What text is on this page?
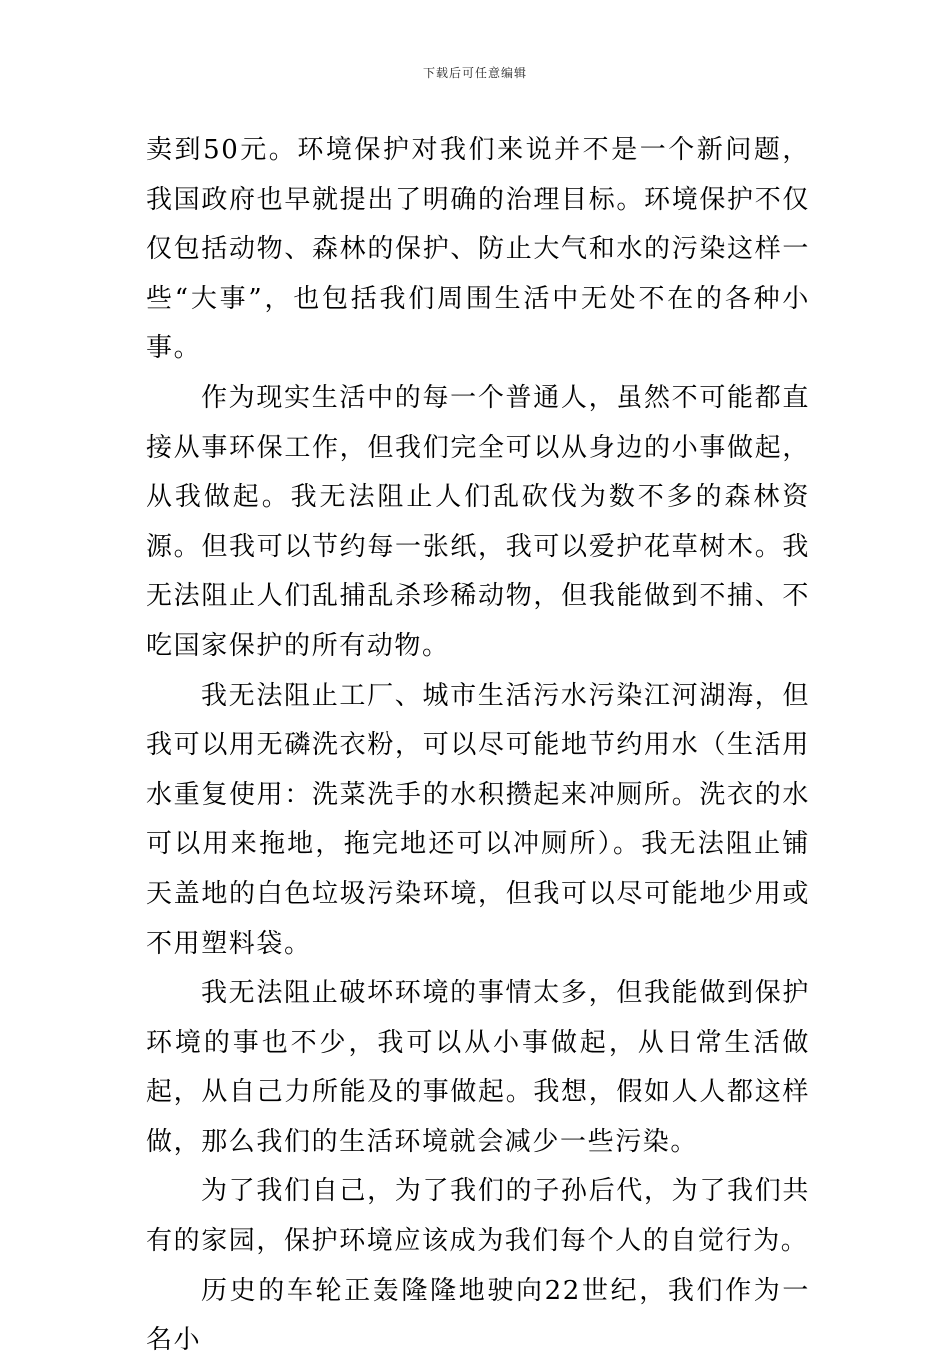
下载后可任意编辑

卖到50元。环境保护对我们来说并不是一个新问题，我国政府也早就提出了明确的治理目标。环境保护不仅仅包括动物、森林的保护、防止大气和水的污染这样一些“大事”，也包括我们周围生活中无处不在的各种小事。

作为现实生活中的每一个普通人，虽然不可能都直接从事环保工作，但我们完全可以从身边的小事做起，从我做起。我无法阻止人们乱砍伐为数不多的森林资源。但我可以节约每一张纸，我可以爱护花草树木。我无法阻止人们乱捕乱杀珍稀动物，但我能做到不捕、不吃国家保护的所有动物。

我无法阻止工厂、城市生活污水污染江河湖海，但我可以用无磷洗衣粉，可以尽可能地节约用水（生活用水重复使用：洗菜洗手的水积攒起来冲厕所。洗衣的水可以用来拖地，拖完地还可以冲厕所）。我无法阻止铺天盖地的白色垃圾污染环境，但我可以尽可能地少用或不用塑料袋。

我无法阻止破坏环境的事情太多，但我能做到保护环境的事也不少，我可以从小事做起，从日常生活做起，从自己力所能及的事做起。我想，假如人人都这样做，那么我们的生活环境就会减少一些污染。

为了我们自己，为了我们的子孙后代，为了我们共有的家园，保护环境应该成为我们每个人的自觉行为。

历史的车轮正轰隆隆地驶向22世纪，我们作为一名小
